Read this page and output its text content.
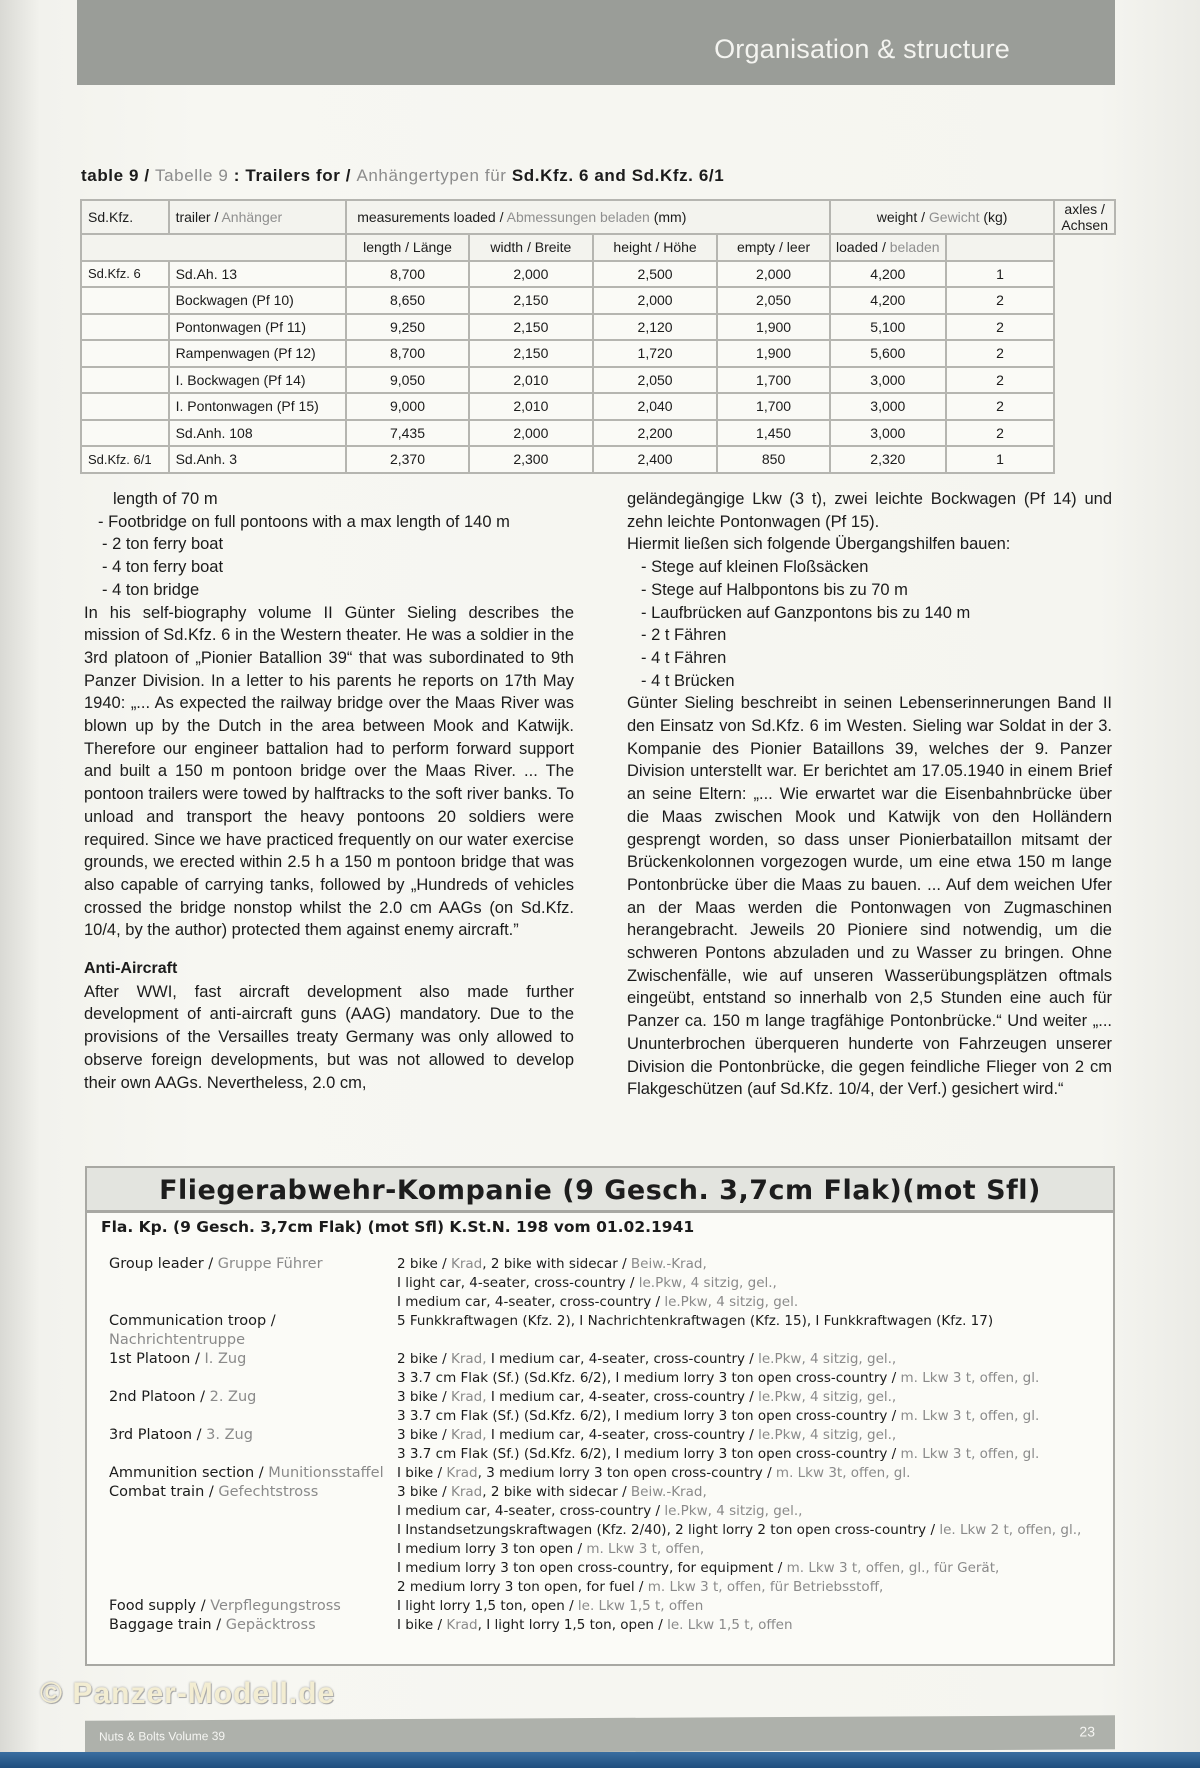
Organisation & structure
table 9 / Tabelle 9 : Trailers for / Anhängertypen für Sd.Kfz. 6 and Sd.Kfz. 6/1
Sd.Kfz.	trailer / Anhänger	measurements loaded / Abmessungen beladen (mm)				weight / Gewicht (kg)		axles / Achsen
		length / Länge	width / Breite	height / Höhe	empty / leer	loaded / beladen		
Sd.Kfz. 6	Sd.Ah. 13	8,700	2,000	2,500	2,000	4,200	1	
	Bockwagen (Pf 10)	8,650	2,150	2,000	2,050	4,200	2	
	Pontonwagen (Pf 11)	9,250	2,150	2,120	1,900	5,100	2	
	Rampenwagen (Pf 12)	8,700	2,150	1,720	1,900	5,600	2	
	I. Bockwagen (Pf 14)	9,050	2,010	2,050	1,700	3,000	2	
	I. Pontonwagen (Pf 15)	9,000	2,010	2,040	1,700	3,000	2	
	Sd.Anh. 108	7,435	2,000	2,200	1,450	3,000	2	
Sd.Kfz. 6/1	Sd.Anh. 3	2,370	2,300	2,400	850	2,320	1	
length of 70 m
- Footbridge on full pontoons with a max length of 140 m
- 2 ton ferry boat
- 4 ton ferry boat
- 4 ton bridge
In his self-biography volume II Günter Sieling describes the mission of Sd.Kfz. 6 in the Western theater. He was a soldier in the 3rd platoon of „Pionier Batallion 39“ that was subordinated to 9th Panzer Division. In a letter to his parents he reports on 17th May 1940: „... As expected the railway bridge over the Maas River was blown up by the Dutch in the area between Mook and Katwijk. Therefore our engineer battalion had to perform forward support and built a 150 m pontoon bridge over the Maas River. ... The pontoon trailers were towed by halftracks to the soft river banks. To unload and transport the heavy pontoons 20 soldiers were required. Since we have practiced frequently on our water exercise grounds, we erected within 2.5 h a 150 m pontoon bridge that was also capable of carrying tanks, followed by „Hundreds of vehicles crossed the bridge nonstop whilst the 2.0 cm AAGs (on Sd.Kfz. 10/4, by the author) protected them against enemy aircraft.”
Anti-Aircraft
After WWI, fast aircraft development also made further development of anti-aircraft guns (AAG) mandatory. Due to the provisions of the Versailles treaty Germany was only allowed to observe foreign developments, but was not allowed to develop their own AAGs. Nevertheless, 2.0 cm,
geländegängige Lkw (3 t), zwei leichte Bockwagen (Pf 14) und zehn leichte Pontonwagen (Pf 15).
Hiermit ließen sich folgende Übergangshilfen bauen:
- Stege auf kleinen Floßsäcken
- Stege auf Halbpontons bis zu 70 m
- Laufbrücken auf Ganzpontons bis zu 140 m
- 2 t Fähren
- 4 t Fähren
- 4 t Brücken
Günter Sieling beschreibt in seinen Lebenserinnerungen Band II den Einsatz von Sd.Kfz. 6 im Westen. Sieling war Soldat in der 3. Kompanie des Pionier Bataillons 39, welches der 9. Panzer Division unterstellt war. Er berichtet am 17.05.1940 in einem Brief an seine Eltern: „... Wie erwartet war die Eisenbahnbrücke über die Maas zwischen Mook und Katwijk von den Holländern gesprengt worden, so dass unser Pionierbataillon mitsamt der Brückenkolonnen vorgezogen wurde, um eine etwa 150 m lange Pontonbrücke über die Maas zu bauen. ... Auf dem weichen Ufer an der Maas werden die Pontonwagen von Zugmaschinen herangebracht. Jeweils 20 Pioniere sind notwendig, um die schweren Pontons abzuladen und zu Wasser zu bringen. Ohne Zwischenfälle, wie auf unseren Wasserübungsplätzen oftmals eingeübt, entstand so innerhalb von 2,5 Stunden eine auch für Panzer ca. 150 m lange tragfähige Pontonbrücke.“ Und weiter „... Ununterbrochen überqueren hunderte von Fahrzeugen unserer Division die Pontonbrücke, die gegen feindliche Flieger von 2 cm Flakgeschützen (auf Sd.Kfz. 10/4, der Verf.) gesichert wird.“
Fliegerabwehr-Kompanie (9 Gesch. 3,7cm Flak)(mot Sfl)
Fla. Kp. (9 Gesch. 3,7cm Flak) (mot Sfl) K.St.N. 198 vom 01.02.1941
Group leader / Gruppe Führer	2 bike / Krad, 2 bike with sidecar / Beiw.-Krad,
I light car, 4-seater, cross-country / le.Pkw, 4 sitzig, gel.,
I medium car, 4-seater, cross-country / le.Pkw, 4 sitzig, gel.
Communication troop /
Nachrichtentruppe
5 Funkkraftwagen (Kfz. 2), I Nachrichtenkraftwagen (Kfz. 15), I Funkkraftwagen (Kfz. 17)
1st Platoon / I. Zug	2 bike / Krad, I medium car, 4-seater, cross-country / le.Pkw, 4 sitzig, gel.,
3 3.7 cm Flak (Sf.) (Sd.Kfz. 6/2), I medium lorry 3 ton open cross-country / m. Lkw 3 t, offen, gl.
2nd Platoon / 2. Zug	3 bike / Krad, I medium car, 4-seater, cross-country / le.Pkw, 4 sitzig, gel.,
3 3.7 cm Flak (Sf.) (Sd.Kfz. 6/2), I medium lorry 3 ton open cross-country / m. Lkw 3 t, offen, gl.
3rd Platoon / 3. Zug	3 bike / Krad, I medium car, 4-seater, cross-country / le.Pkw, 4 sitzig, gel.,
3 3.7 cm Flak (Sf.) (Sd.Kfz. 6/2), I medium lorry 3 ton open cross-country / m. Lkw 3 t, offen, gl.
Ammunition section / Munitionsstaffel I bike / Krad, 3 medium lorry 3 ton open cross-country / m. Lkw 3t, offen, gl.
Combat train / Gefechtstross	3 bike / Krad, 2 bike with sidecar / Beiw.-Krad,
I medium car, 4-seater, cross-country / le.Pkw, 4 sitzig, gel.,
I Instandsetzungskraftwagen (Kfz. 2/40), 2 light lorry 2 ton open cross-country / le. Lkw 2 t, offen, gl.,
I medium lorry 3 ton open / m. Lkw 3 t, offen,
I medium lorry 3 ton open cross-country, for equipment / m. Lkw 3 t, offen, gl., für Gerät,
2 medium lorry 3 ton open, for fuel / m. Lkw 3 t, offen, für Betriebsstoff,
Food supply / Verpflegungstross	I light lorry 1,5 ton, open / le. Lkw 1,5 t, offen
Baggage train / Gepäcktross	I bike / Krad, I light lorry 1,5 ton, open / le. Lkw 1,5 t, offen
© Panzer-Modell.de
Nuts & Bolts Volume 39	23
